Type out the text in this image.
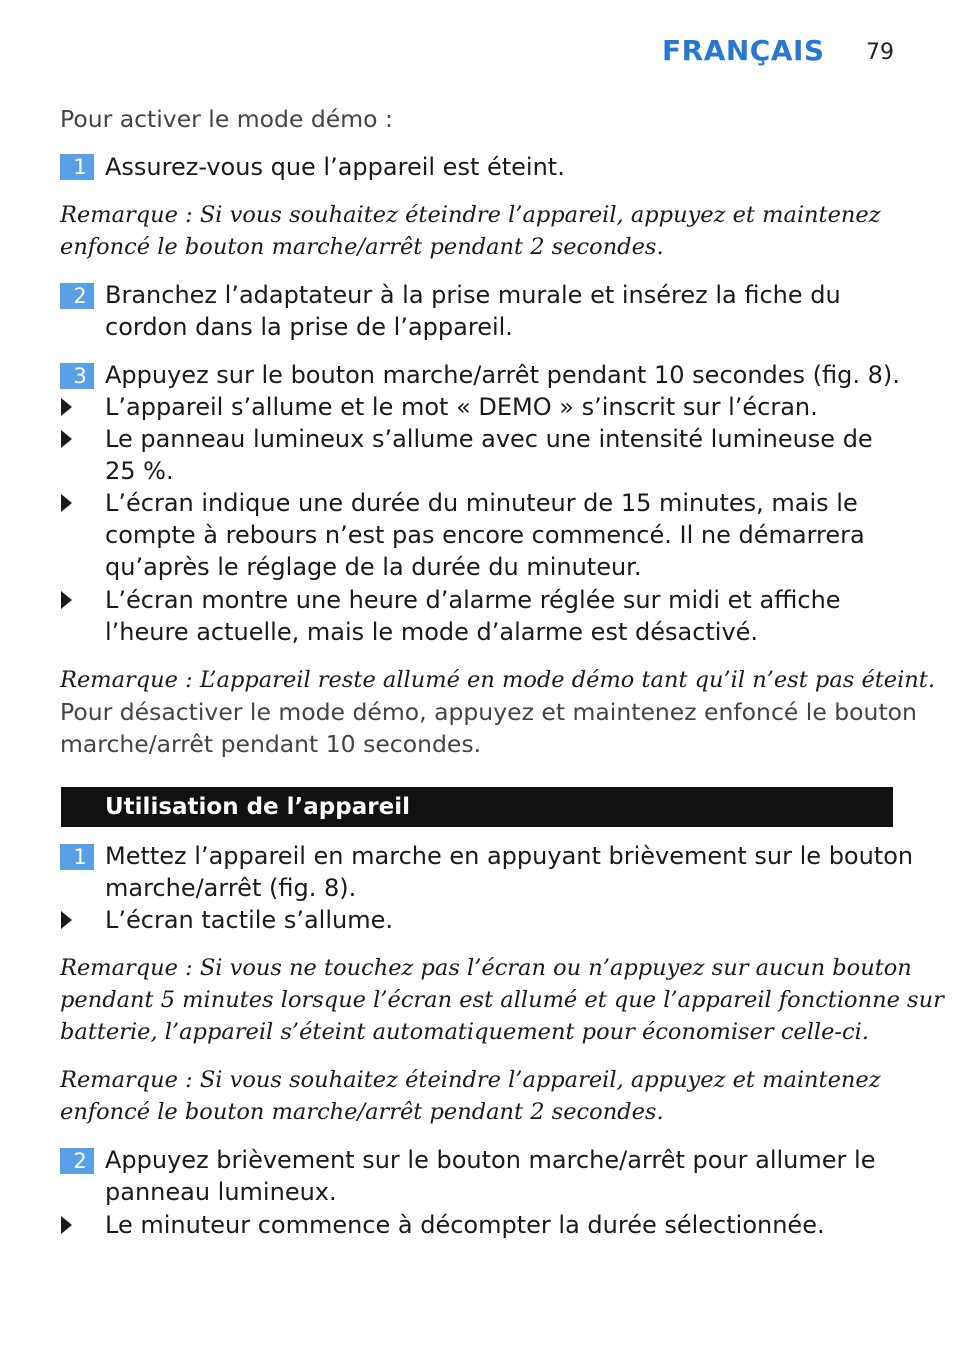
FRANÇAIS 79
Pour activer le mode démo :
1 Assurez-vous que l’appareil est éteint.
Remarque : Si vous souhaitez éteindre l’appareil, appuyez et maintenez
enfoncé le bouton marche/arrêt pendant 2 secondes.
2 Branchez l’adaptateur à la prise murale et insérez la fiche du
cordon dans la prise de l’appareil.
3 Appuyez sur le bouton marche/arrêt pendant 10 secondes (fig. 8).
L’appareil s’allume et le mot « DEMO » s’inscrit sur l’écran.
Le panneau lumineux s’allume avec une intensité lumineuse de
25 %.
L’écran indique une durée du minuteur de 15 minutes, mais le
compte à rebours n’est pas encore commencé. Il ne démarrera
qu’après le réglage de la durée du minuteur.
L’écran montre une heure d’alarme réglée sur midi et affiche
l’heure actuelle, mais le mode d’alarme est désactivé.
Remarque : L’appareil reste allumé en mode démo tant qu’il n’est pas éteint.
Pour désactiver le mode démo, appuyez et maintenez enfoncé le bouton
marche/arrêt pendant 10 secondes.
Utilisation de l’appareil
1 Mettez l’appareil en marche en appuyant brièvement sur le bouton
marche/arrêt (fig. 8).
L’écran tactile s’allume.
Remarque : Si vous ne touchez pas l’écran ou n’appuyez sur aucun bouton
pendant 5 minutes lorsque l’écran est allumé et que l’appareil fonctionne sur
batterie, l’appareil s’éteint automatiquement pour économiser celle-ci.
Remarque : Si vous souhaitez éteindre l’appareil, appuyez et maintenez
enfoncé le bouton marche/arrêt pendant 2 secondes.
2 Appuyez brièvement sur le bouton marche/arrêt pour allumer le
panneau lumineux.
Le minuteur commence à décompter la durée sélectionnée.
